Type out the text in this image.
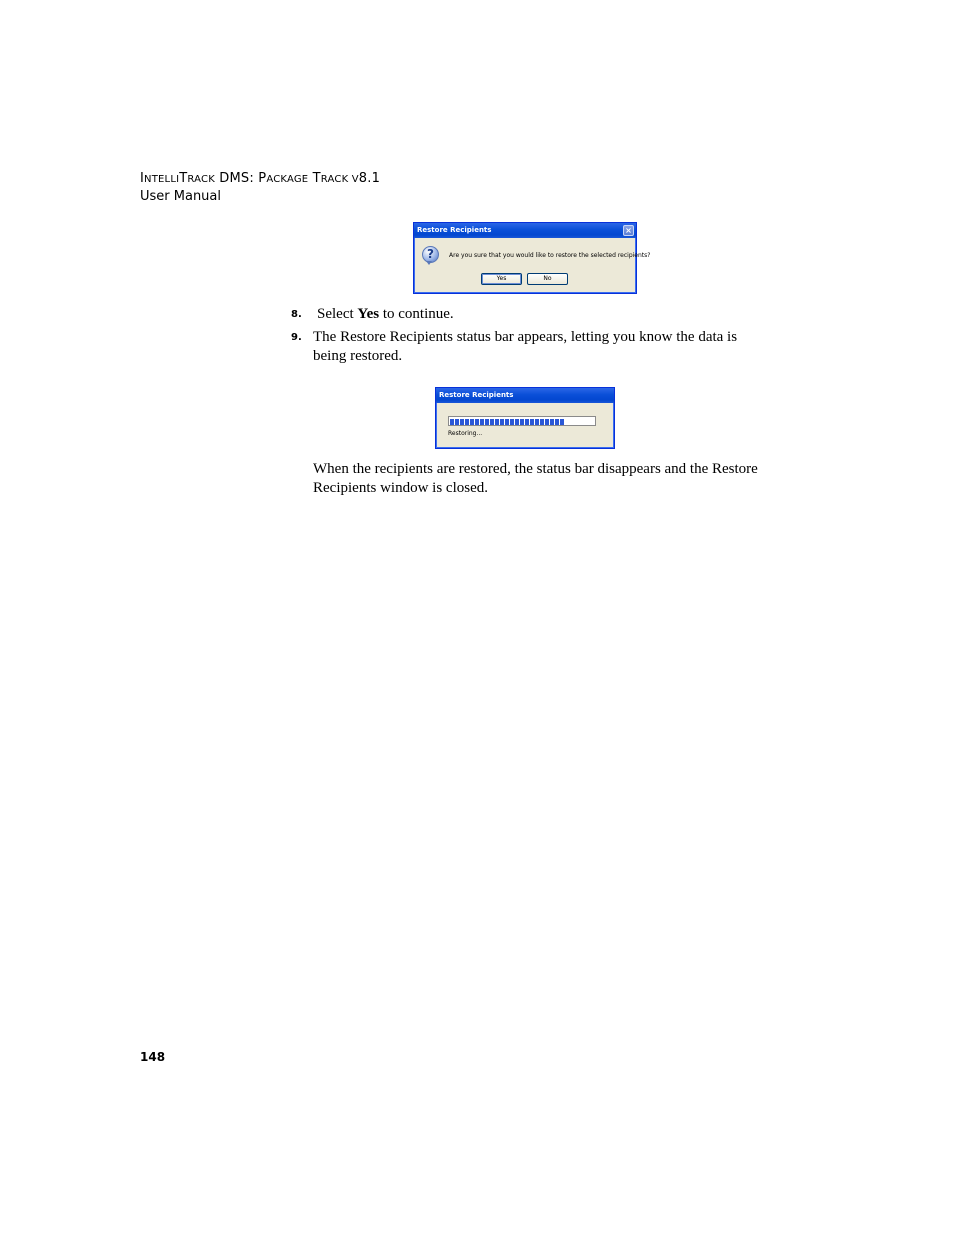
INTELLITRACK DMS: PACKAGE TRACK V8.1
User Manual
Restore Recipients	×
?	Are you sure that you would like to restore the selected recipients?
Yes	No
8. Select Yes to continue.
9. The Restore Recipients status bar appears, letting you know the data is being restored.
Restore Recipients
Restoring...
When the recipients are restored, the status bar disappears and the Restore Recipients window is closed.
148
